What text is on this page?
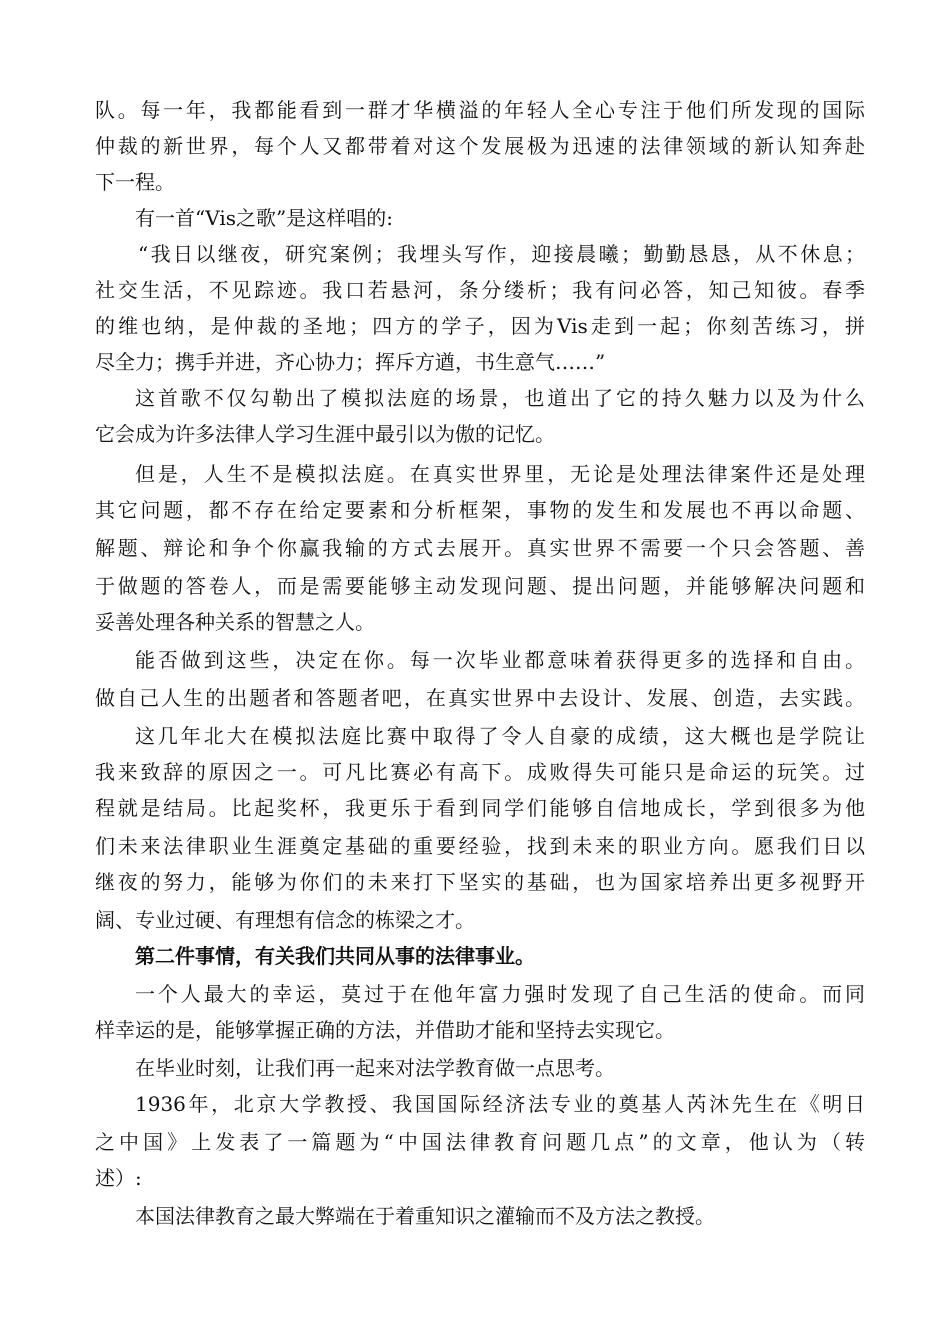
队。每一年，我都能看到一群才华横溢的年轻人全心专注于他们所发现的国际
仲裁的新世界，每个人又都带着对这个发展极为迅速的法律领域的新认知奔赴
下一程。
有一首“Vis之歌”是这样唱的:
“我日以继夜，研究案例；我埋头写作，迎接晨曦；勤勤恳恳，从不休息；
社交生活，不见踪迹。我口若悬河，条分缕析；我有问必答，知己知彼。春季
的维也纳，是仲裁的圣地；四方的学子，因为Vis走到一起；你刻苦练习，拼
尽全力；携手并进，齐心协力；挥斥方遒，书生意气……”
这首歌不仅勾勒出了模拟法庭的场景，也道出了它的持久魅力以及为什么
它会成为许多法律人学习生涯中最引以为傲的记忆。
但是，人生不是模拟法庭。在真实世界里，无论是处理法律案件还是处理
其它问题，都不存在给定要素和分析框架，事物的发生和发展也不再以命题、
解题、辩论和争个你赢我输的方式去展开。真实世界不需要一个只会答题、善
于做题的答卷人，而是需要能够主动发现问题、提出问题，并能够解决问题和
妥善处理各种关系的智慧之人。
能否做到这些，决定在你。每一次毕业都意味着获得更多的选择和自由。
做自己人生的出题者和答题者吧，在真实世界中去设计、发展、创造，去实践。
这几年北大在模拟法庭比赛中取得了令人自豪的成绩，这大概也是学院让
我来致辞的原因之一。可凡比赛必有高下。成败得失可能只是命运的玩笑。过
程就是结局。比起奖杯，我更乐于看到同学们能够自信地成长，学到很多为他
们未来法律职业生涯奠定基础的重要经验，找到未来的职业方向。愿我们日以
继夜的努力，能够为你们的未来打下坚实的基础，也为国家培养出更多视野开
阔、专业过硬、有理想有信念的栋梁之才。
第二件事情，有关我们共同从事的法律事业。
一个人最大的幸运，莫过于在他年富力强时发现了自己生活的使命。而同
样幸运的是，能够掌握正确的方法，并借助才能和坚持去实现它。
在毕业时刻，让我们再一起来对法学教育做一点思考。
1936年，北京大学教授、我国国际经济法专业的奠基人芮沐先生在《明日
之中国》上发表了一篇题为“中国法律教育问题几点”的文章，他认为（转
述）:
本国法律教育之最大弊端在于着重知识之灌输而不及方法之教授。
